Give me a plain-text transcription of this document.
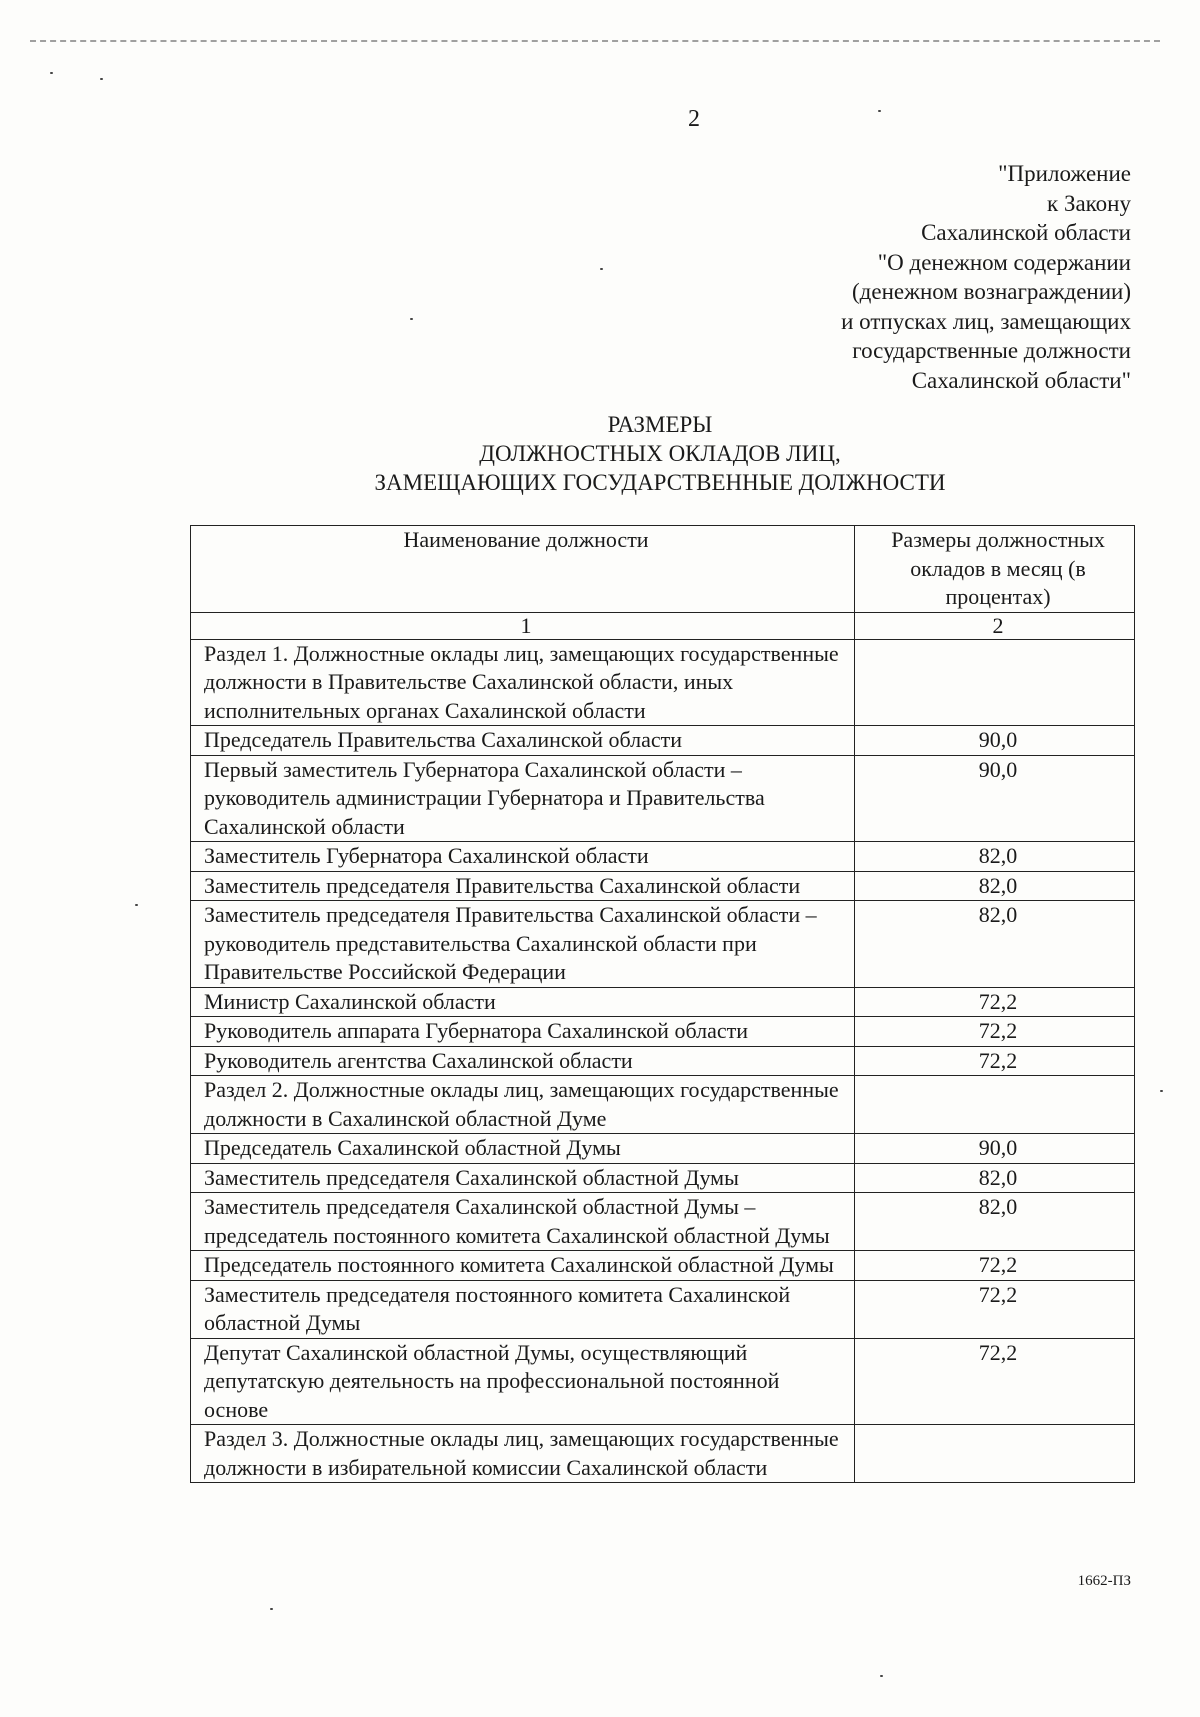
2
"Приложение
к Закону
Сахалинской области
"О денежном содержании
(денежном вознаграждении)
и отпусках лиц, замещающих
государственные должности
Сахалинской области"
РАЗМЕРЫ
ДОЛЖНОСТНЫХ ОКЛАДОВ ЛИЦ,
ЗАМЕЩАЮЩИХ ГОСУДАРСТВЕННЫЕ ДОЛЖНОСТИ
Наименование должности	Размеры должностных окладов в месяц (в процентах)
1	2
Раздел 1. Должностные оклады лиц, замещающих государственные должности в Правительстве Сахалинской области, иных исполнительных органах Сахалинской области	
Председатель Правительства Сахалинской области	90,0
Первый заместитель Губернатора Сахалинской области – руководитель администрации Губернатора и Правительства Сахалинской области	90,0
Заместитель Губернатора Сахалинской области	82,0
Заместитель председателя Правительства Сахалинской области	82,0
Заместитель председателя Правительства Сахалинской области – руководитель представительства Сахалинской области при Правительстве Российской Федерации	82,0
Министр Сахалинской области	72,2
Руководитель аппарата Губернатора Сахалинской области	72,2
Руководитель агентства Сахалинской области	72,2
Раздел 2. Должностные оклады лиц, замещающих государственные должности в Сахалинской областной Думе	
Председатель Сахалинской областной Думы	90,0
Заместитель председателя Сахалинской областной Думы	82,0
Заместитель председателя Сахалинской областной Думы – председатель постоянного комитета Сахалинской областной Думы	82,0
Председатель постоянного комитета Сахалинской областной Думы	72,2
Заместитель председателя постоянного комитета Сахалинской областной Думы	72,2
Депутат Сахалинской областной Думы, осуществляющий депутатскую деятельность на профессиональной постоянной основе	72,2
Раздел 3. Должностные оклады лиц, замещающих государственные должности в избирательной комиссии Сахалинской области	
1662-ПЗ
